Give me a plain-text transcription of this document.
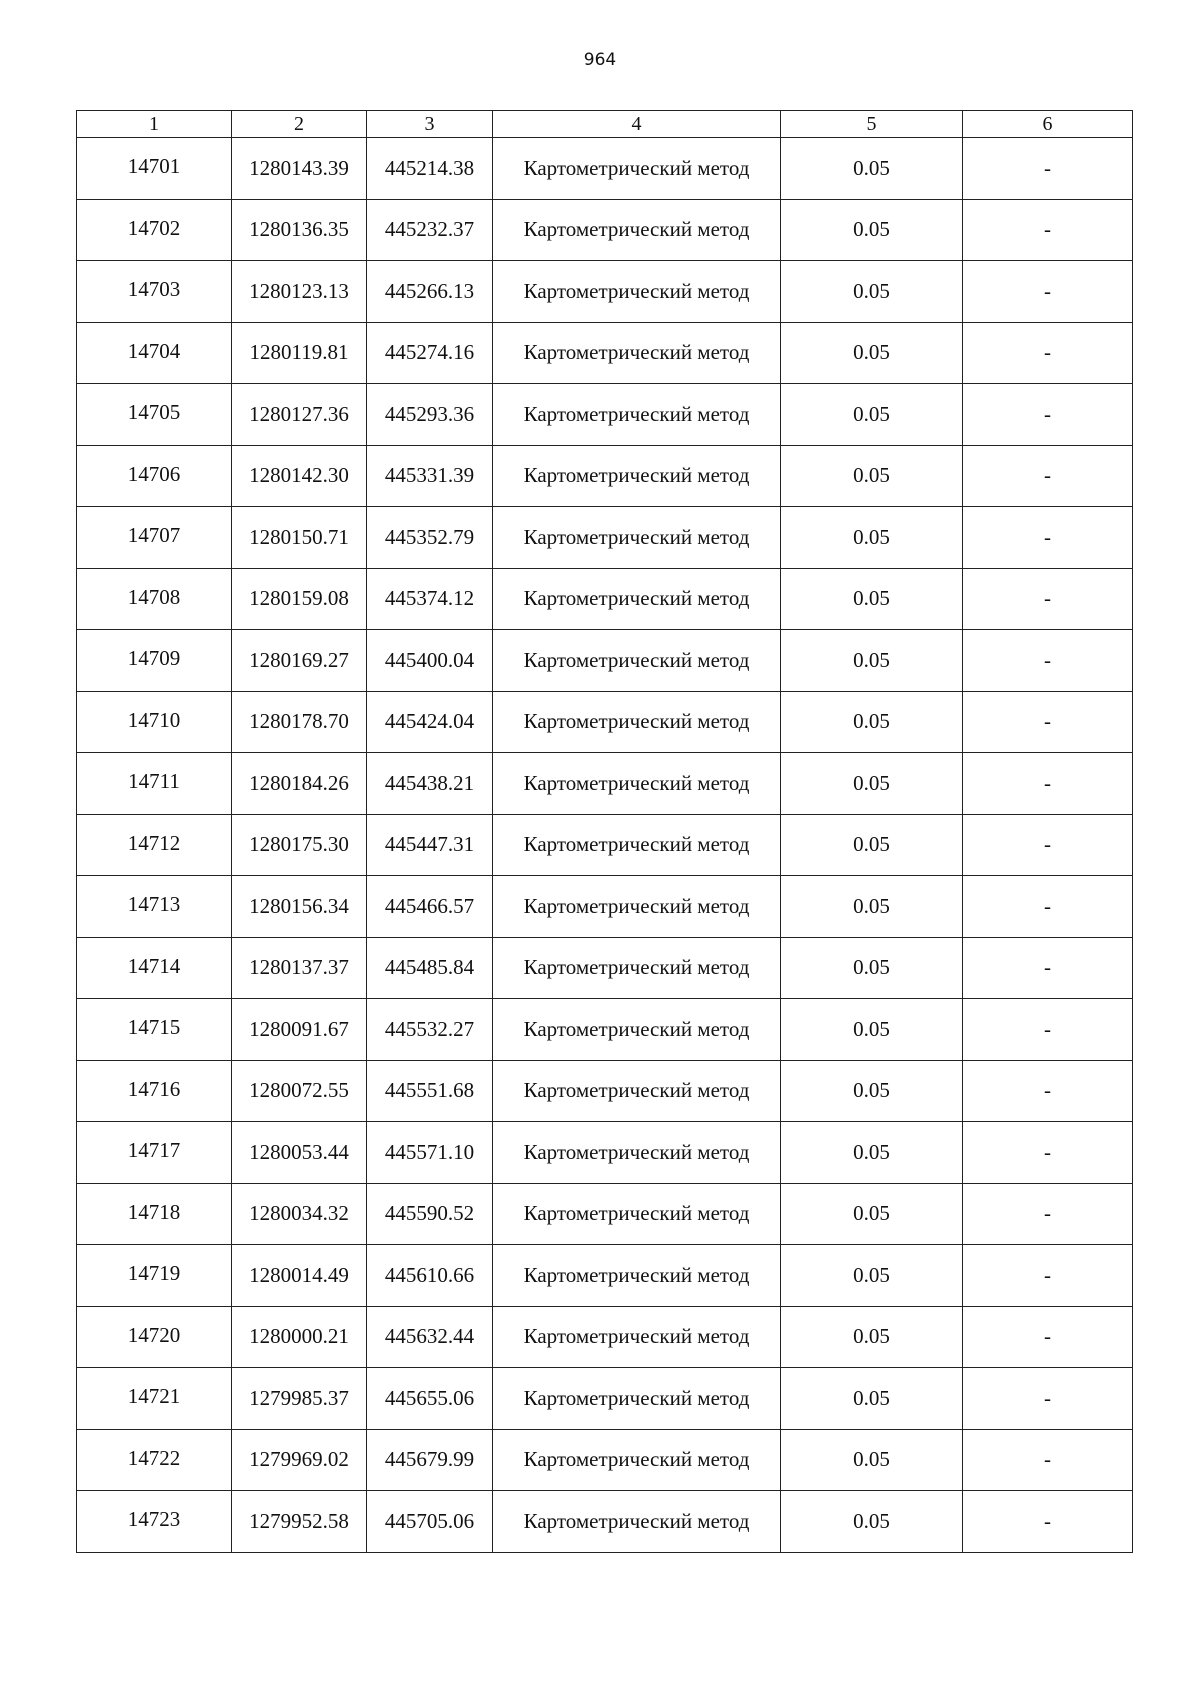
964
1	2	3	4	5	6
14701	1280143.39	445214.38	Картометрический метод	0.05	-
14702	1280136.35	445232.37	Картометрический метод	0.05	-
14703	1280123.13	445266.13	Картометрический метод	0.05	-
14704	1280119.81	445274.16	Картометрический метод	0.05	-
14705	1280127.36	445293.36	Картометрический метод	0.05	-
14706	1280142.30	445331.39	Картометрический метод	0.05	-
14707	1280150.71	445352.79	Картометрический метод	0.05	-
14708	1280159.08	445374.12	Картометрический метод	0.05	-
14709	1280169.27	445400.04	Картометрический метод	0.05	-
14710	1280178.70	445424.04	Картометрический метод	0.05	-
14711	1280184.26	445438.21	Картометрический метод	0.05	-
14712	1280175.30	445447.31	Картометрический метод	0.05	-
14713	1280156.34	445466.57	Картометрический метод	0.05	-
14714	1280137.37	445485.84	Картометрический метод	0.05	-
14715	1280091.67	445532.27	Картометрический метод	0.05	-
14716	1280072.55	445551.68	Картометрический метод	0.05	-
14717	1280053.44	445571.10	Картометрический метод	0.05	-
14718	1280034.32	445590.52	Картометрический метод	0.05	-
14719	1280014.49	445610.66	Картометрический метод	0.05	-
14720	1280000.21	445632.44	Картометрический метод	0.05	-
14721	1279985.37	445655.06	Картометрический метод	0.05	-
14722	1279969.02	445679.99	Картометрический метод	0.05	-
14723	1279952.58	445705.06	Картометрический метод	0.05	-
